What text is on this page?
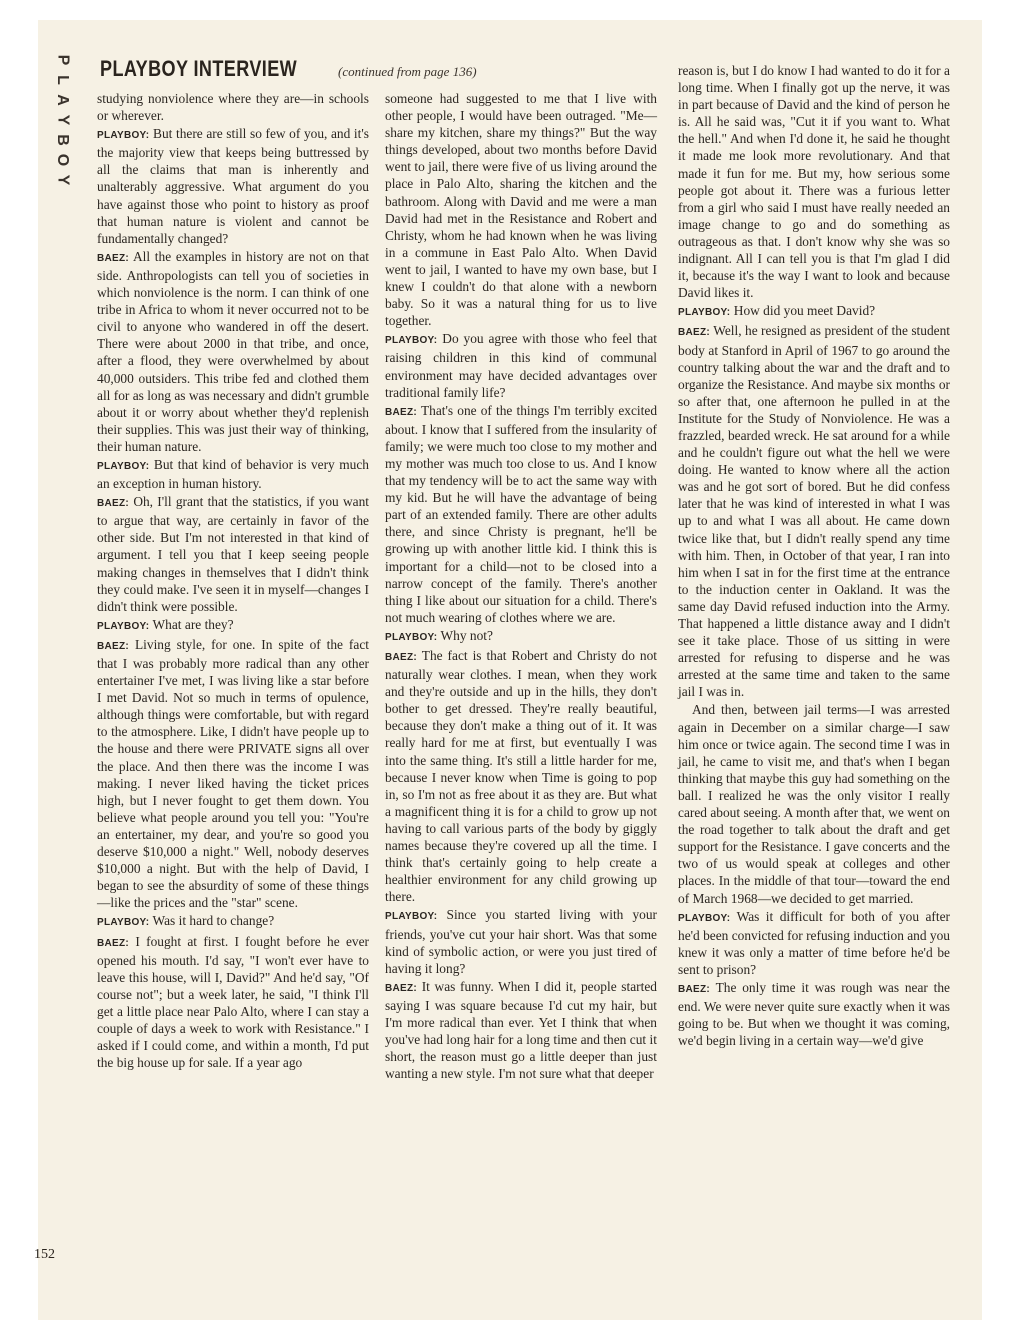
P
L
A
Y
B
O
Y
PLAYBOY INTERVIEW	(continued from page 136)

studying nonviolence where they are—in schools or wherever.

PLAYBOY: But there are still so few of you, and it's the majority view that keeps being buttressed by all the claims that man is inherently and unalterably aggressive. What argument do you have against those who point to history as proof that human nature is violent and cannot be fundamentally changed?

BAEZ: All the examples in history are not on that side. Anthropologists can tell you of societies in which nonviolence is the norm. I can think of one tribe in Africa to whom it never occurred not to be civil to anyone who wandered in off the desert. There were about 2000 in that tribe, and once, after a flood, they were overwhelmed by about 40,000 outsiders. This tribe fed and clothed them all for as long as was necessary and didn't grumble about it or worry about whether they'd replenish their supplies. This was just their way of thinking, their human nature.

PLAYBOY: But that kind of behavior is very much an exception in human history.

BAEZ: Oh, I'll grant that the statistics, if you want to argue that way, are certainly in favor of the other side. But I'm not interested in that kind of argument. I tell you that I keep seeing people making changes in themselves that I didn't think they could make. I've seen it in myself—changes I didn't think were possible.

PLAYBOY: What are they?

BAEZ: Living style, for one. In spite of the fact that I was probably more radical than any other entertainer I've met, I was living like a star before I met David. Not so much in terms of opulence, although things were comfortable, but with regard to the atmosphere. Like, I didn't have people up to the house and there were PRIVATE signs all over the place. And then there was the income I was making. I never liked having the ticket prices high, but I never fought to get them down. You believe what people around you tell you: "You're an entertainer, my dear, and you're so good you deserve $10,000 a night." Well, nobody deserves $10,000 a night. But with the help of David, I began to see the absurdity of some of these things—like the prices and the "star" scene.

PLAYBOY: Was it hard to change?

BAEZ: I fought at first. I fought before he ever opened his mouth. I'd say, "I won't ever have to leave this house, will I, David?" And he'd say, "Of course not"; but a week later, he said, "I think I'll get a little place near Palo Alto, where I can stay a couple of days a week to work with Resistance." I asked if I could come, and within a month, I'd put the big house up for sale. If a year ago

someone had suggested to me that I live with other people, I would have been outraged. "Me—share my kitchen, share my things?" But the way things developed, about two months before David went to jail, there were five of us living around the place in Palo Alto, sharing the kitchen and the bathroom. Along with David and me were a man David had met in the Resistance and Robert and Christy, whom he had known when he was living in a commune in East Palo Alto. When David went to jail, I wanted to have my own base, but I knew I couldn't do that alone with a newborn baby. So it was a natural thing for us to live together.

PLAYBOY: Do you agree with those who feel that raising children in this kind of communal environment may have decided advantages over traditional family life?

BAEZ: That's one of the things I'm terribly excited about. I know that I suffered from the insularity of family; we were much too close to my mother and my mother was much too close to us. And I know that my tendency will be to act the same way with my kid. But he will have the advantage of being part of an extended family. There are other adults there, and since Christy is pregnant, he'll be growing up with another little kid. I think this is important for a child—not to be closed into a narrow concept of the family. There's another thing I like about our situation for a child. There's not much wearing of clothes where we are.

PLAYBOY: Why not?

BAEZ: The fact is that Robert and Christy do not naturally wear clothes. I mean, when they work and they're outside and up in the hills, they don't bother to get dressed. They're really beautiful, because they don't make a thing out of it. It was really hard for me at first, but eventually I was into the same thing. It's still a little harder for me, because I never know when Time is going to pop in, so I'm not as free about it as they are. But what a magnificent thing it is for a child to grow up not having to call various parts of the body by giggly names because they're covered up all the time. I think that's certainly going to help create a healthier environment for any child growing up there.

PLAYBOY: Since you started living with your friends, you've cut your hair short. Was that some kind of symbolic action, or were you just tired of having it long?

BAEZ: It was funny. When I did it, people started saying I was square because I'd cut my hair, but I'm more radical than ever. Yet I think that when you've had long hair for a long time and then cut it short, the reason must go a little deeper than just wanting a new style. I'm not sure what that deeper

reason is, but I do know I had wanted to do it for a long time. When I finally got up the nerve, it was in part because of David and the kind of person he is. All he said was, "Cut it if you want to. What the hell." And when I'd done it, he said he thought it made me look more revolutionary. And that made it fun for me. But my, how serious some people got about it. There was a furious letter from a girl who said I must have really needed an image change to go and do something as outrageous as that. I don't know why she was so indignant. All I can tell you is that I'm glad I did it, because it's the way I want to look and because David likes it.

PLAYBOY: How did you meet David?

BAEZ: Well, he resigned as president of the student body at Stanford in April of 1967 to go around the country talking about the war and the draft and to organize the Resistance. And maybe six months or so after that, one afternoon he pulled in at the Institute for the Study of Nonviolence. He was a frazzled, bearded wreck. He sat around for a while and he couldn't figure out what the hell we were doing. He wanted to know where all the action was and he got sort of bored. But he did confess later that he was kind of interested in what I was up to and what I was all about. He came down twice like that, but I didn't really spend any time with him. Then, in October of that year, I ran into him when I sat in for the first time at the entrance to the induction center in Oakland. It was the same day David refused induction into the Army. That happened a little distance away and I didn't see it take place. Those of us sitting in were arrested for refusing to disperse and he was arrested at the same time and taken to the same jail I was in.

And then, between jail terms—I was arrested again in December on a similar charge—I saw him once or twice again. The second time I was in jail, he came to visit me, and that's when I began thinking that maybe this guy had something on the ball. I realized he was the only visitor I really cared about seeing. A month after that, we went on the road together to talk about the draft and get support for the Resistance. I gave concerts and the two of us would speak at colleges and other places. In the middle of that tour—toward the end of March 1968—we decided to get married.

PLAYBOY: Was it difficult for both of you after he'd been convicted for refusing induction and you knew it was only a matter of time before he'd be sent to prison?

BAEZ: The only time it was rough was near the end. We were never quite sure exactly when it was going to be. But when we thought it was coming, we'd begin living in a certain way—we'd give

152
